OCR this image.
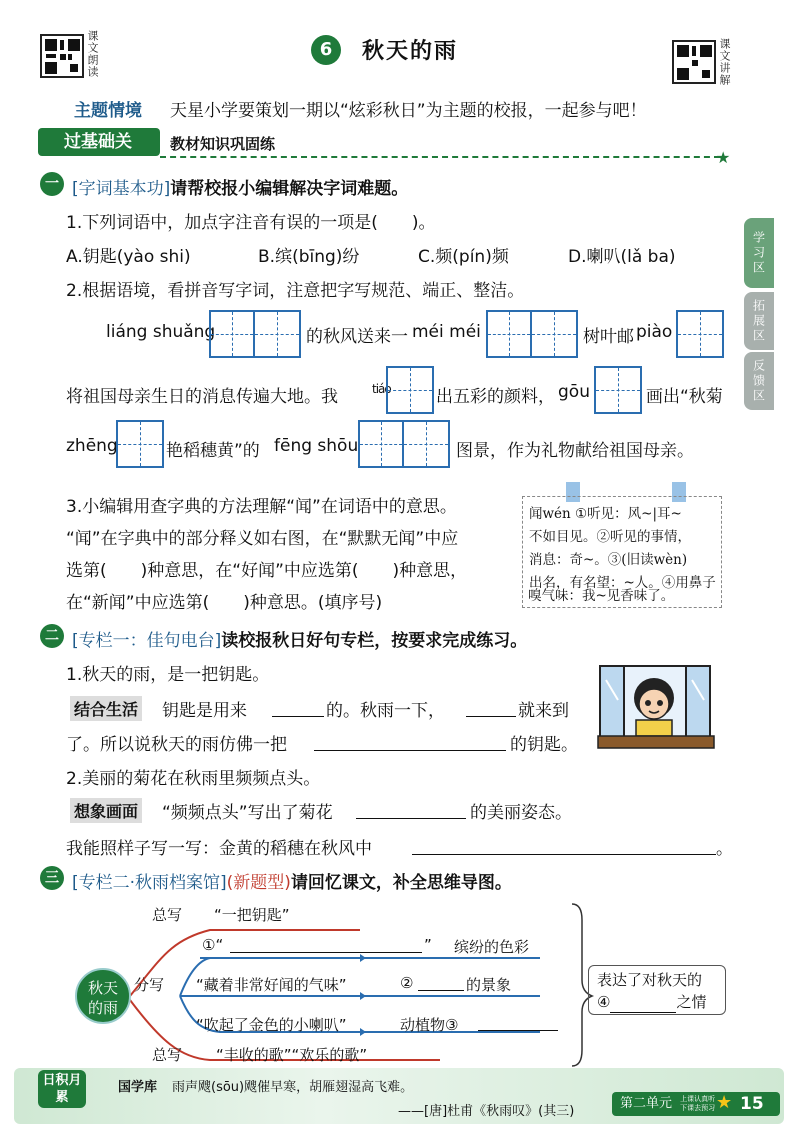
课文朗读	6	秋天的雨	课文讲解
主题情境 天星小学要策划一期以“炫彩秋日”为主题的校报，一起参与吧！
过基础关	教材知识巩固练
★
学习区
拓展区
反馈区
一 [字词基本功]请帮校报小编辑解决字词难题。
1.下列词语中，加点字注音有误的一项是(　　)。
A.钥匙(yào shi)	B.缤(bīng)纷	C.频(pín)频	D.喇叭(lǎ ba)
2.根据语境，看拼音写字词，注意把字写规范、端正、整洁。
liáng shuǎng	的秋风送来一 méi méi	树叶邮 piào
将祖国母亲生日的消息传遍大地。我	tiáo	出五彩的颜料， gōu	画出“秋菊
zhēng	艳稻穗黄”的 fēng shōu	图景，作为礼物献给祖国母亲。
3.小编辑用查字典的方法理解“闻”在词语中的意思。
“闻”在字典中的部分释义如右图，在“默默无闻”中应
选第(　　)种意思，在“好闻”中应选第(　　)种意思，
在“新闻”中应选第(　　)种意思。(填序号)
闻wén ①听见：风~|耳~
不如目见。②听见的事情，
消息：奇~。③(旧读wèn)
出名，有名望：~人。④用鼻子
嗅气味：我~见香味了。
二 [专栏一：佳句电台]读校报秋日好句专栏，按要求完成练习。
1.秋天的雨，是一把钥匙。
结合生活 钥匙是用来	的。秋雨一下，	就来到
了。所以说秋天的雨仿佛一把	的钥匙。
2.美丽的菊花在秋雨里频频点头。
想象画面 “频频点头”写出了菊花	的美丽姿态。
我能照样子写一写：金黄的稻穗在秋风中	。
三 [专栏二·秋雨档案馆](新题型)请回忆课文，补全思维导图。
秋天
的雨
总写 “一把钥匙”
分写
①“	” 缤纷的色彩
“藏着非常好闻的气味”	②	的景象
“吹起了金色的小喇叭”	动植物③
总写 “丰收的歌”“欢乐的歌”
表达了对秋天的
④	之情
日积月累
国学库 雨声飕(sōu)飕催早寒，胡雁翅湿高飞难。
——[唐]杜甫《秋雨叹》(其三)
第二单元 上课认真听 下课去预习 ★ 15
